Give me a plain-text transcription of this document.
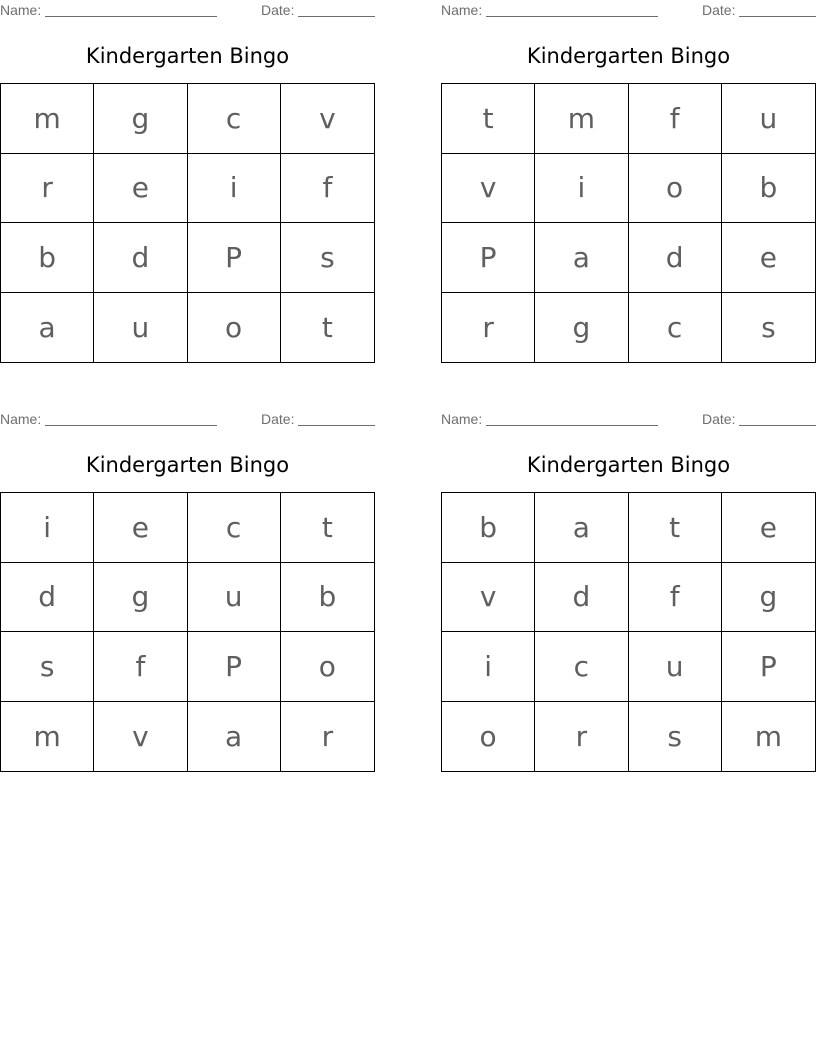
Name:	Date:
Kindergarten Bingo
m	g	c	v
r	e	i	f
b	d	P	s
a	u	o	t
Name:	Date:
Kindergarten Bingo
t	m	f	u
v	i	o	b
P	a	d	e
r	g	c	s
Name:	Date:
Kindergarten Bingo
i	e	c	t
d	g	u	b
s	f	P	o
m	v	a	r
Name:	Date:
Kindergarten Bingo
b	a	t	e
v	d	f	g
i	c	u	P
o	r	s	m
